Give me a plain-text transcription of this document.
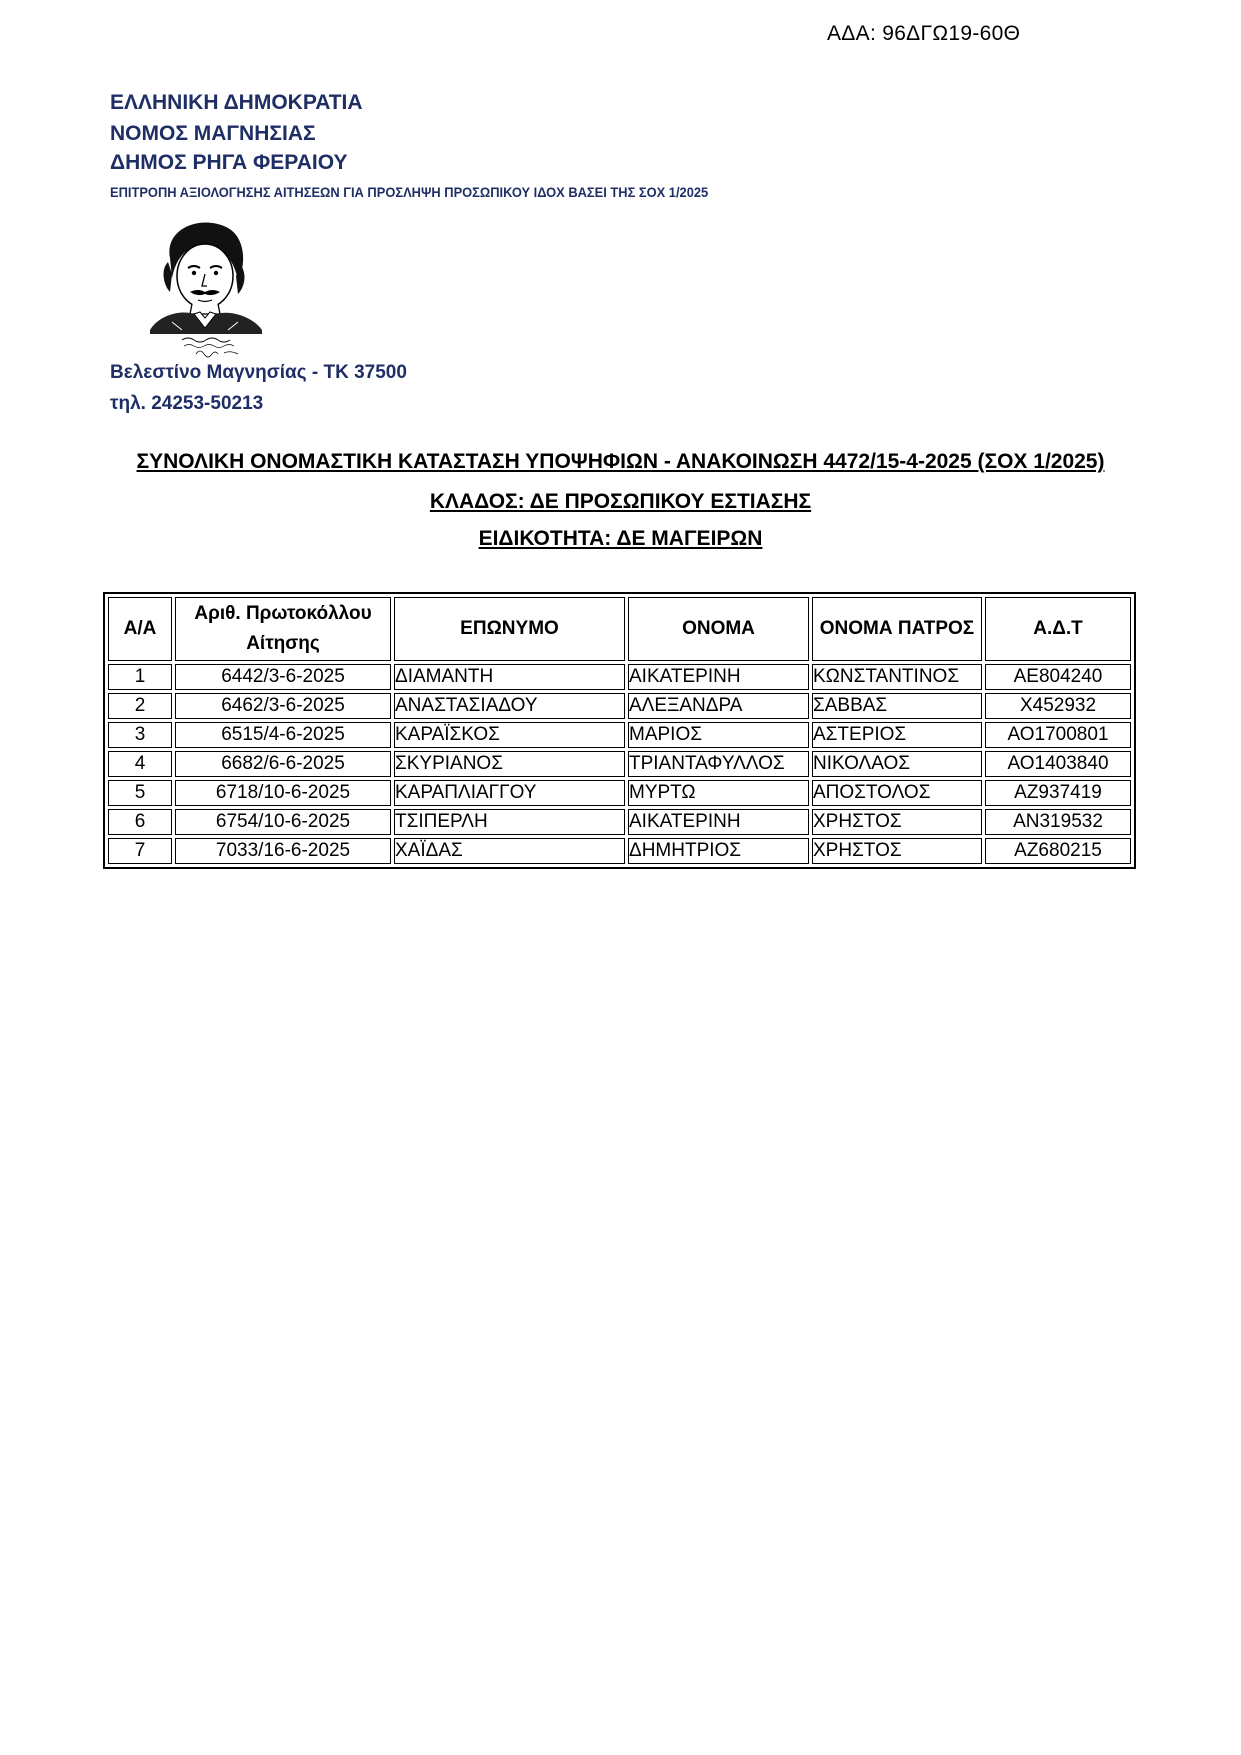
ΑΔΑ: 96ΔΓΩ19-60Θ
ΕΛΛΗΝΙΚΗ ΔΗΜΟΚΡΑΤΙΑ
ΝΟΜΟΣ ΜΑΓΝΗΣΙΑΣ
ΔΗΜΟΣ ΡΗΓΑ ΦΕΡΑΙΟΥ
ΕΠΙΤΡΟΠΗ ΑΞΙΟΛΟΓΗΣΗΣ ΑΙΤΗΣΕΩΝ ΓΙΑ ΠΡΟΣΛΗΨΗ ΠΡΟΣΩΠΙΚΟΥ ΙΔΟΧ ΒΑΣΕΙ ΤΗΣ ΣΟΧ 1/2025
Βελεστίνο Μαγνησίας - ΤΚ 37500
τηλ. 24253-50213
ΣΥΝΟΛΙΚΗ ΟΝΟΜΑΣΤΙΚΗ ΚΑΤΑΣΤΑΣΗ ΥΠΟΨΗΦΙΩΝ - ΑΝΑΚΟΙΝΩΣΗ 4472/15-4-2025 (ΣΟΧ 1/2025)
ΚΛΑΔΟΣ: ΔΕ ΠΡΟΣΩΠΙΚΟΥ ΕΣΤΙΑΣΗΣ
ΕΙΔΙΚΟΤΗΤΑ: ΔΕ ΜΑΓΕΙΡΩΝ
Α/Α	Αριθ. Πρωτοκόλλου Αίτησης	ΕΠΩΝΥΜΟ	ΟΝΟΜΑ	ΟΝΟΜΑ ΠΑΤΡΟΣ	Α.Δ.Τ
1	6442/3-6-2025	ΔΙΑΜΑΝΤΗ	ΑΙΚΑΤΕΡΙΝΗ	ΚΩΝΣΤΑΝΤΙΝΟΣ	ΑΕ804240
2	6462/3-6-2025	ΑΝΑΣΤΑΣΙΑΔΟΥ	ΑΛΕΞΑΝΔΡΑ	ΣΑΒΒΑΣ	Χ452932
3	6515/4-6-2025	ΚΑΡΑΪΣΚΟΣ	ΜΑΡΙΟΣ	ΑΣΤΕΡΙΟΣ	ΑΟ1700801
4	6682/6-6-2025	ΣΚΥΡΙΑΝΟΣ	ΤΡΙΑΝΤΑΦΥΛΛΟΣ	ΝΙΚΟΛΑΟΣ	ΑΟ1403840
5	6718/10-6-2025	ΚΑΡΑΠΛΙΑΓΓΟΥ	ΜΥΡΤΩ	ΑΠΟΣΤΟΛΟΣ	ΑΖ937419
6	6754/10-6-2025	ΤΣΙΠΕΡΛΗ	ΑΙΚΑΤΕΡΙΝΗ	ΧΡΗΣΤΟΣ	ΑΝ319532
7	7033/16-6-2025	ΧΑΪΔΑΣ	ΔΗΜΗΤΡΙΟΣ	ΧΡΗΣΤΟΣ	ΑΖ680215
